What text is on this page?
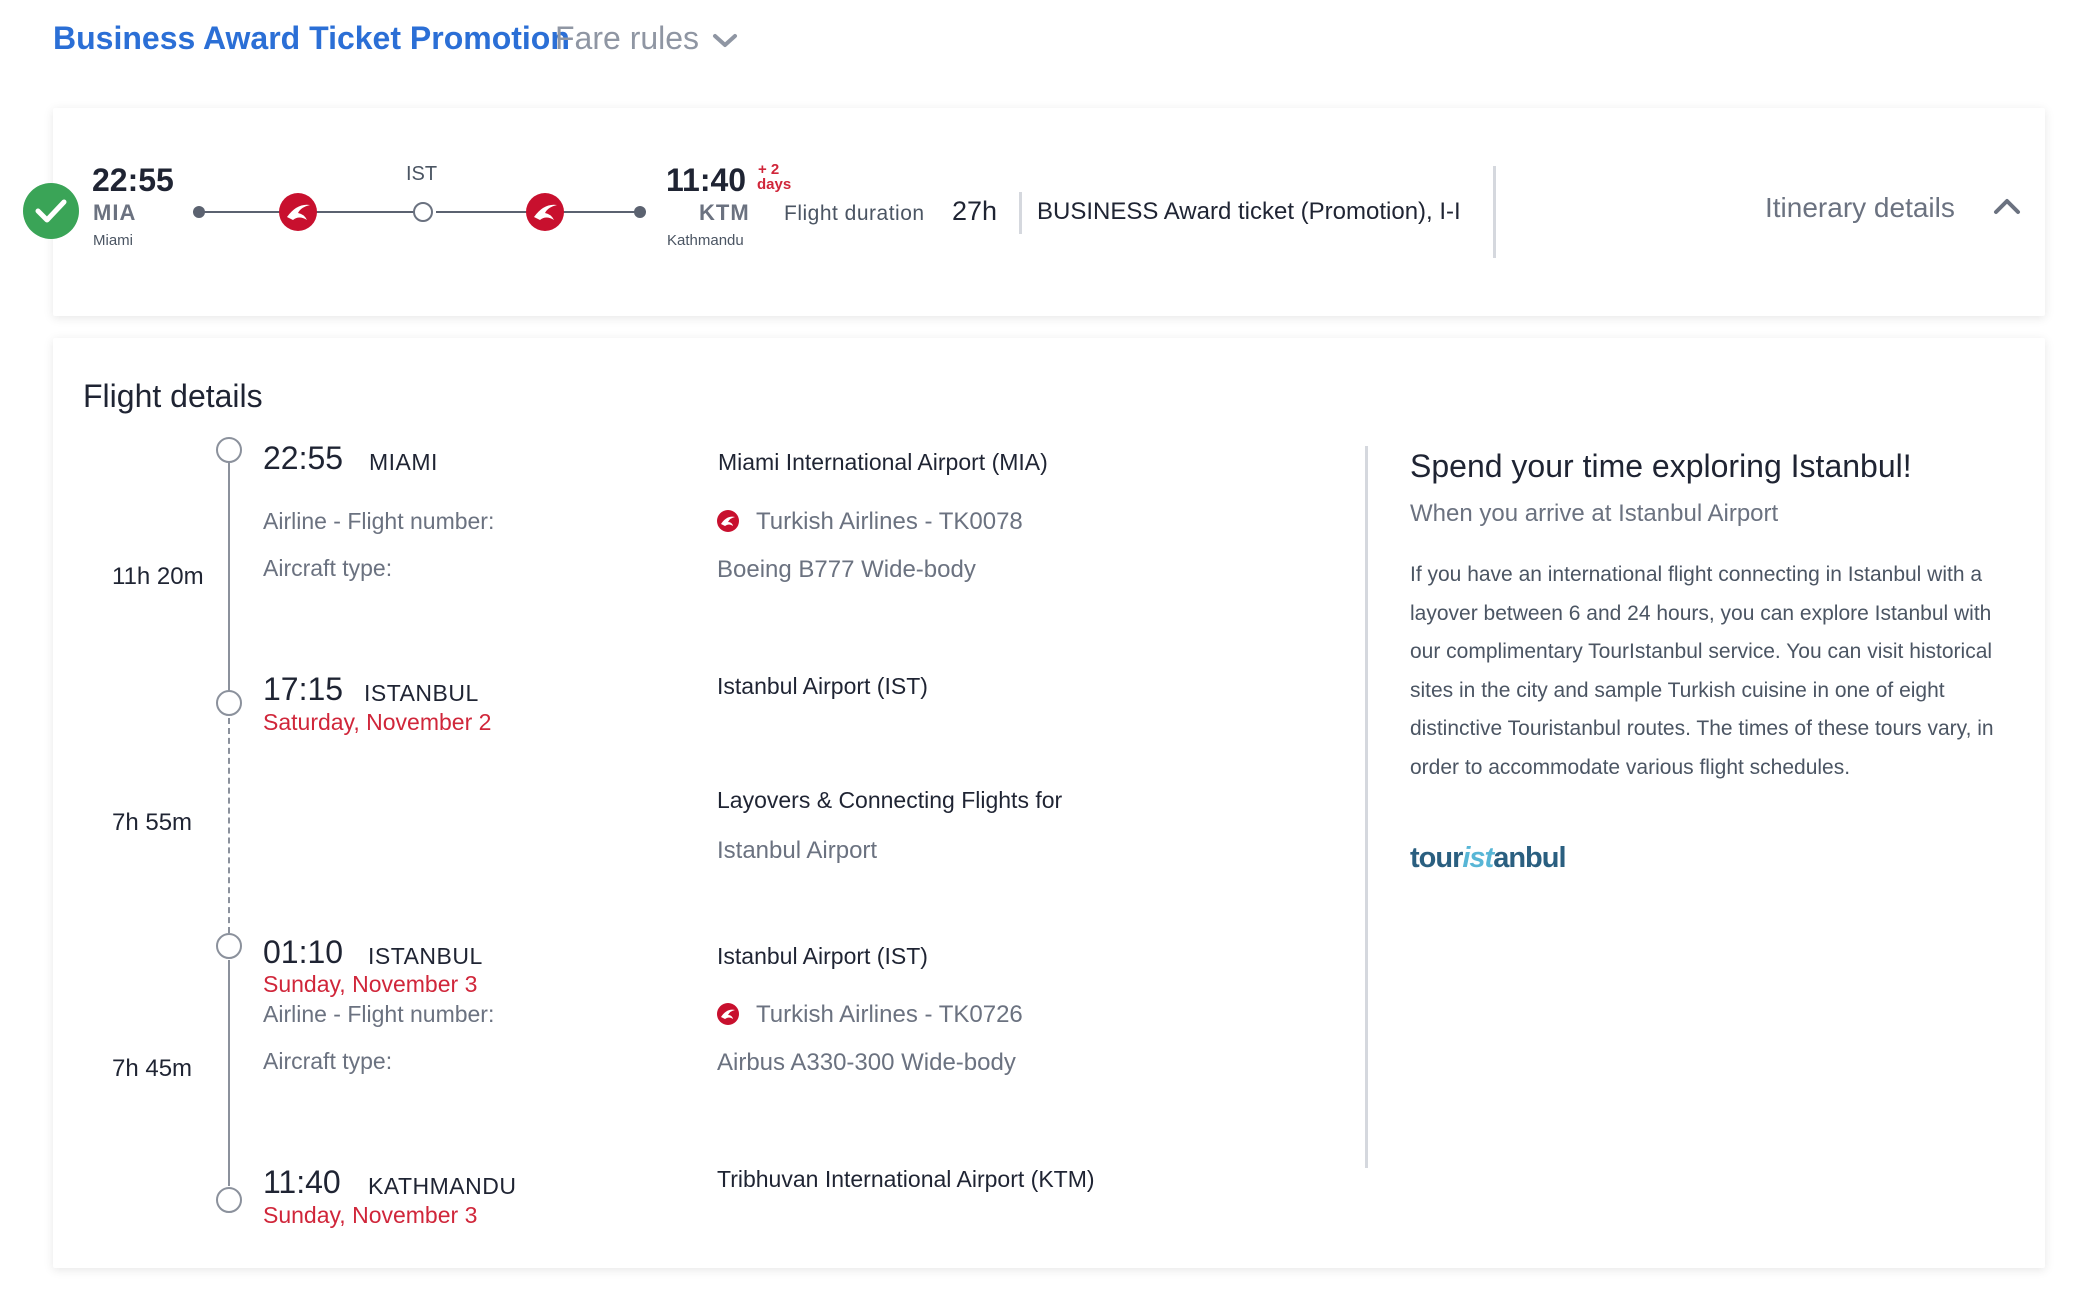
Business Award Ticket Promotion
Fare rules
22:55
MIA
Miami
IST	11:40 + 2
days
KTM
Kathmandu
Flight duration 27h BUSINESS Award ticket (Promotion), I-I	Itinerary details
Flight details
11h 20m
7h 55m
7h 45m
22:55 MIAMI	Miami International Airport (MIA)
Airline - Flight number:	Turkish Airlines - TK0078
Aircraft type:	Boeing B777 Wide-body
17:15 ISTANBUL
Saturday, November 2
Istanbul Airport (IST)
Layovers & Connecting Flights for
Istanbul Airport
01:10 ISTANBUL
Sunday, November 3
Istanbul Airport (IST)
Airline - Flight number:	Turkish Airlines - TK0726
Aircraft type:	Airbus A330-300 Wide-body
11:40 KATHMANDU
Sunday, November 3
Tribhuvan International Airport (KTM)
Spend your time exploring Istanbul!
When you arrive at Istanbul Airport
If you have an international flight connecting in Istanbul with a layover between 6 and 24 hours, you can explore Istanbul with our complimentary TourIstanbul service. You can visit historical sites in the city and sample Turkish cuisine in one of eight distinctive Touristanbul routes. The times of these tours vary, in order to accommodate various flight schedules.
touristanbul
